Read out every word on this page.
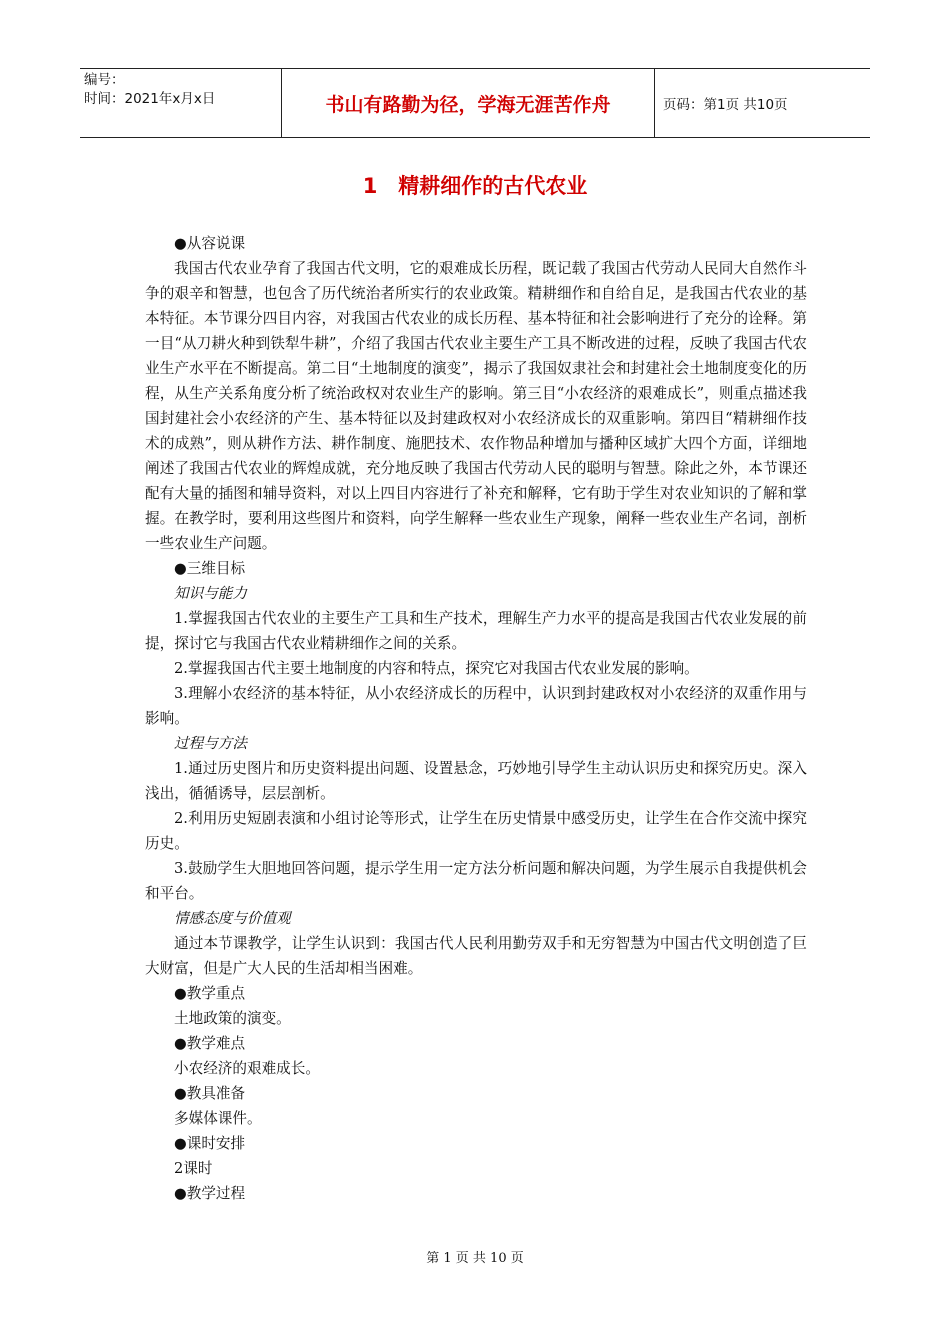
编号：
时间：2021年x月x日	书山有路勤为径，学海无涯苦作舟	页码：第1页 共10页
1　精耕细作的古代农业

●从容说课

我国古代农业孕育了我国古代文明，它的艰难成长历程，既记载了我国古代劳动人民同大自然作斗争的艰辛和智慧，也包含了历代统治者所实行的农业政策。精耕细作和自给自足，是我国古代农业的基本特征。本节课分四目内容，对我国古代农业的成长历程、基本特征和社会影响进行了充分的诠释。第一目“从刀耕火种到铁犁牛耕”，介绍了我国古代农业主要生产工具不断改进的过程，反映了我国古代农业生产水平在不断提高。第二目“土地制度的演变”，揭示了我国奴隶社会和封建社会土地制度变化的历程，从生产关系角度分析了统治政权对农业生产的影响。第三目“小农经济的艰难成长”，则重点描述我国封建社会小农经济的产生、基本特征以及封建政权对小农经济成长的双重影响。第四目“精耕细作技术的成熟”，则从耕作方法、耕作制度、施肥技术、农作物品种增加与播种区域扩大四个方面，详细地阐述了我国古代农业的辉煌成就，充分地反映了我国古代劳动人民的聪明与智慧。除此之外，本节课还配有大量的插图和辅导资料，对以上四目内容进行了补充和解释，它有助于学生对农业知识的了解和掌握。在教学时，要利用这些图片和资料，向学生解释一些农业生产现象，阐释一些农业生产名词，剖析一些农业生产问题。

●三维目标

知识与能力

1.掌握我国古代农业的主要生产工具和生产技术，理解生产力水平的提高是我国古代农业发展的前提，探讨它与我国古代农业精耕细作之间的关系。

2.掌握我国古代主要土地制度的内容和特点，探究它对我国古代农业发展的影响。

3.理解小农经济的基本特征，从小农经济成长的历程中，认识到封建政权对小农经济的双重作用与影响。

过程与方法

1.通过历史图片和历史资料提出问题、设置悬念，巧妙地引导学生主动认识历史和探究历史。深入浅出，循循诱导，层层剖析。

2.利用历史短剧表演和小组讨论等形式，让学生在历史情景中感受历史，让学生在合作交流中探究历史。

3.鼓励学生大胆地回答问题，提示学生用一定方法分析问题和解决问题，为学生展示自我提供机会和平台。

情感态度与价值观

通过本节课教学，让学生认识到：我国古代人民利用勤劳双手和无穷智慧为中国古代文明创造了巨大财富，但是广大人民的生活却相当困难。

●教学重点

土地政策的演变。

●教学难点

小农经济的艰难成长。

●教具准备

多媒体课件。

●课时安排

2课时

●教学过程

第 1 页 共 10 页
